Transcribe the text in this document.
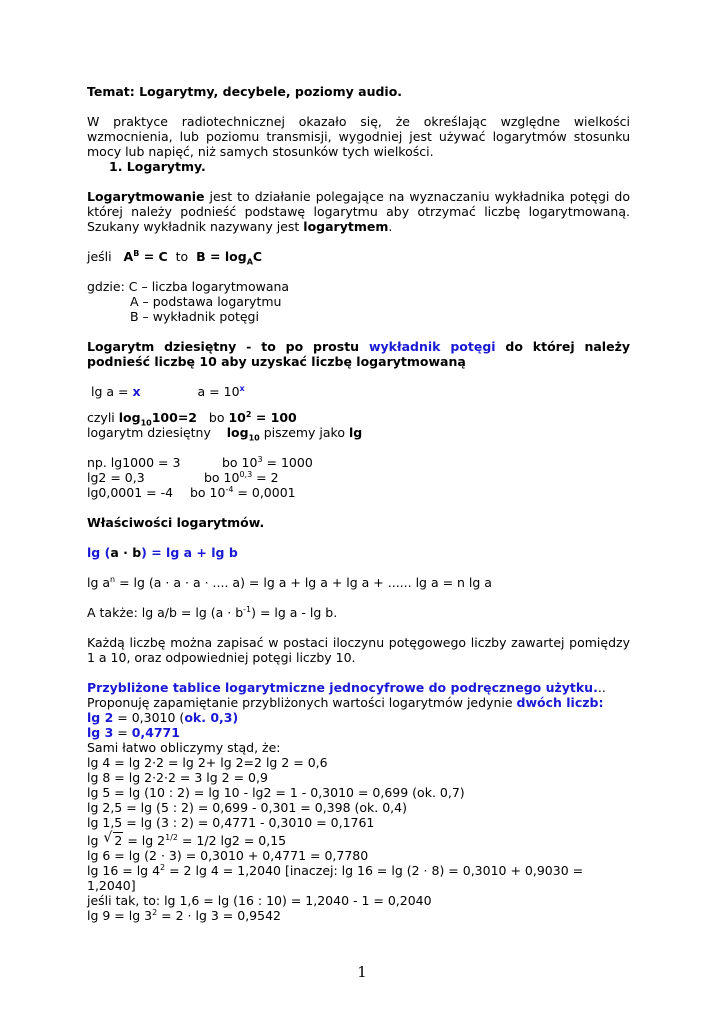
Temat: Logarytmy, decybele, poziomy audio.

W praktyce radiotechnicznej okazało się, że określając względne wielkości wzmocnienia, lub poziomu transmisji, wygodniej jest używać logarytmów stosunku mocy lub napięć, niż samych stosunków tych wielkości.

1. Logarytmy.

Logarytmowanie jest to działanie polegające na wyznaczaniu wykładnika potęgi do której należy podnieść podstawę logarytmu aby otrzymać liczbę logarytmowaną. Szukany wykładnik nazywany jest logarytmem.

jeśli $A^B = C$ to $B = \log_AC$

gdzie: C – liczba logarytmowana

A – podstawa logarytmu

B – wykładnik potęgi

Logarytm dziesiętny - to po prostu wykładnik potęgi do której należy podnieść liczbę 10 aby uzyskać liczbę logarytmowaną

lg a = x	$a = 10^x$

czyli $\log_{10}100=2$ bo $10^2 = 100$

logarytm dziesiętny    $\log_{10}$ piszemy jako lg

np. lg1000 = 3	bo $10^3 = 1000$

lg2 = 0,3	bo $10^{0,3} = 2$

lg0,0001 = -4 bo $10^{-4} = 0,0001$

Właściwości logarytmów.

lg (a · b) = lg a + lg b

$\lg a^n = \lg (a \cdot a \cdot a$ · .... a) = lg a + lg a + lg a + ...... lg a = n lg a

A także: $\lg a/b = \lg (a \cdot b^{-1}) = \lg a - \lg b$.

Każdą liczbę można zapisać w postaci iloczynu potęgowego liczby zawartej pomiędzy 1 a 10, oraz odpowiedniej potęgi liczby 10.

Przybliżone tablice logarytmiczne jednocyfrowe do podręcznego użytku...

Proponuję zapamiętanie przybliżonych wartości logarytmów jedynie dwóch liczb:

lg 2 = 0,3010 (ok. 0,3)

lg 3 = 0,4771

Sami łatwo obliczymy stąd, że:

lg 4 = lg 2·2 = lg 2+ lg 2=2 lg 2 = 0,6

lg 8 = lg 2·2·2 = 3 lg 2 = 0,9

lg 5 = lg (10 : 2) = lg 10 - lg2 = 1 - 0,3010 = 0,699 (ok. 0,7)

lg 2,5 = lg (5 : 2) = 0,699 - 0,301 = 0,398 (ok. 0,4)

lg 1,5 = lg (3 : 2) = 0,4771 - 0,3010 = 0,1761

lg √ $2 = \lg 2^{1/2} = 1/2$ lg2 = 0,15

lg 6 = lg (2 · 3) = 0,3010 + 0,4771 = 0,7780

$\lg 16 = \lg 4^2 = 2$ lg 4 = 1,2040 [inaczej: lg 16 = lg (2 · 8) = 0,3010 + 0,9030 = 1,2040]

jeśli tak, to: lg 1,6 = lg (16 : 10) = 1,2040 - 1 = 0,2040

$\lg 9 = \lg 3^2 = 2 \cdot \lg 3 = 0,9542$

1
